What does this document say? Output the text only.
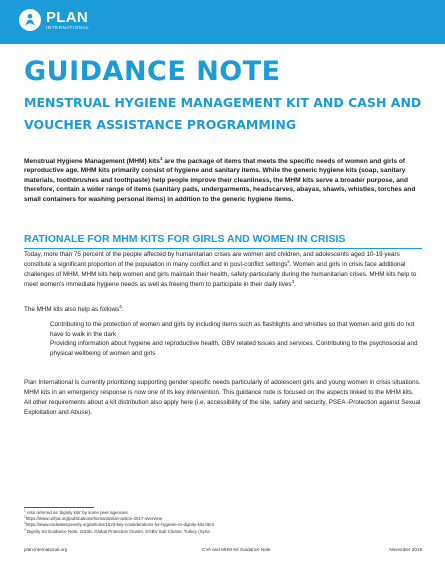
PLAN
INTERNATIONAL
GUIDANCE NOTE
MENSTRUAL HYGIENE MANAGEMENT KIT AND CASH AND VOUCHER ASSISTANCE PROGRAMMING

Menstrual Hygiene Management (MHM) kits$^1$ are the package of items that meets the specific needs of women and girls of reproductive age. MHM kits primarily consist of hygiene and sanitary items. While the generic hygiene kits (soap, sanitary materials, toothbrushes and toothpaste) help people improve their cleanliness, the MHM kits serve a broader purpose, and therefore, contain a wider range of items (sanitary pads, undergarments, headscarves, abayas, shawls, whistles, torches and small containers for washing personal items) in addition to the generic hygiene items.

RATIONALE FOR MHM KITS FOR GIRLS AND WOMEN IN CRISIS

Today, more than 75 percent of the people affected by humanitarian crises are women and children, and adolescents aged 10-19 years constitute a significant proportion of the population in many conflict and in post-conflict settings$^2$. Women and girls in crisis face additional challenges of MHM. MHM kits help women and girls maintain their health, safety particularly during the humanitarian crises. MHM kits help to meet women's immediate hygiene needs as well as freeing them to participate in their daily lives$^3$.

The MHM kits also help as follows$^4$:

Contributing to the protection of women and girls by including items such as flashlights and whistles so that women and girls do not have to walk in the dark
Providing information about hygiene and reproductive health, GBV related issues and services. Contributing to the psychosocial and physical wellbeing of women and girls

Plan International is currently prioritizing supporting gender specific needs particularly of adolescent girls and young women in crisis situations. MHM kits in an emergency response is now one of its key intervention. This guidance note is focused on the aspects linked to the MHM kits. All other requirements about a kit distribution also apply here (i.e, accessibility of the site, safety and security, PSEA -Protection against Sexual Exploitation and Abuse).

$^1$ Also referred as 'dignity kits' by some peer agencies
$^2$https://www.unfpa.org/publications/humanitarian-action-2017-overview
$^3$https://www.endwaterpoverty.org/articles/1623-key-considerations-for-hygiene-or-dignity-kits.html
$^4$ Dignity Kit Guidance Note, 2015b. Global Protection Cluster, SGBV Sub Cluster, Turkey (Syria
plan-international.org	CVA and MHM Kit Guidance Note	November 2019
